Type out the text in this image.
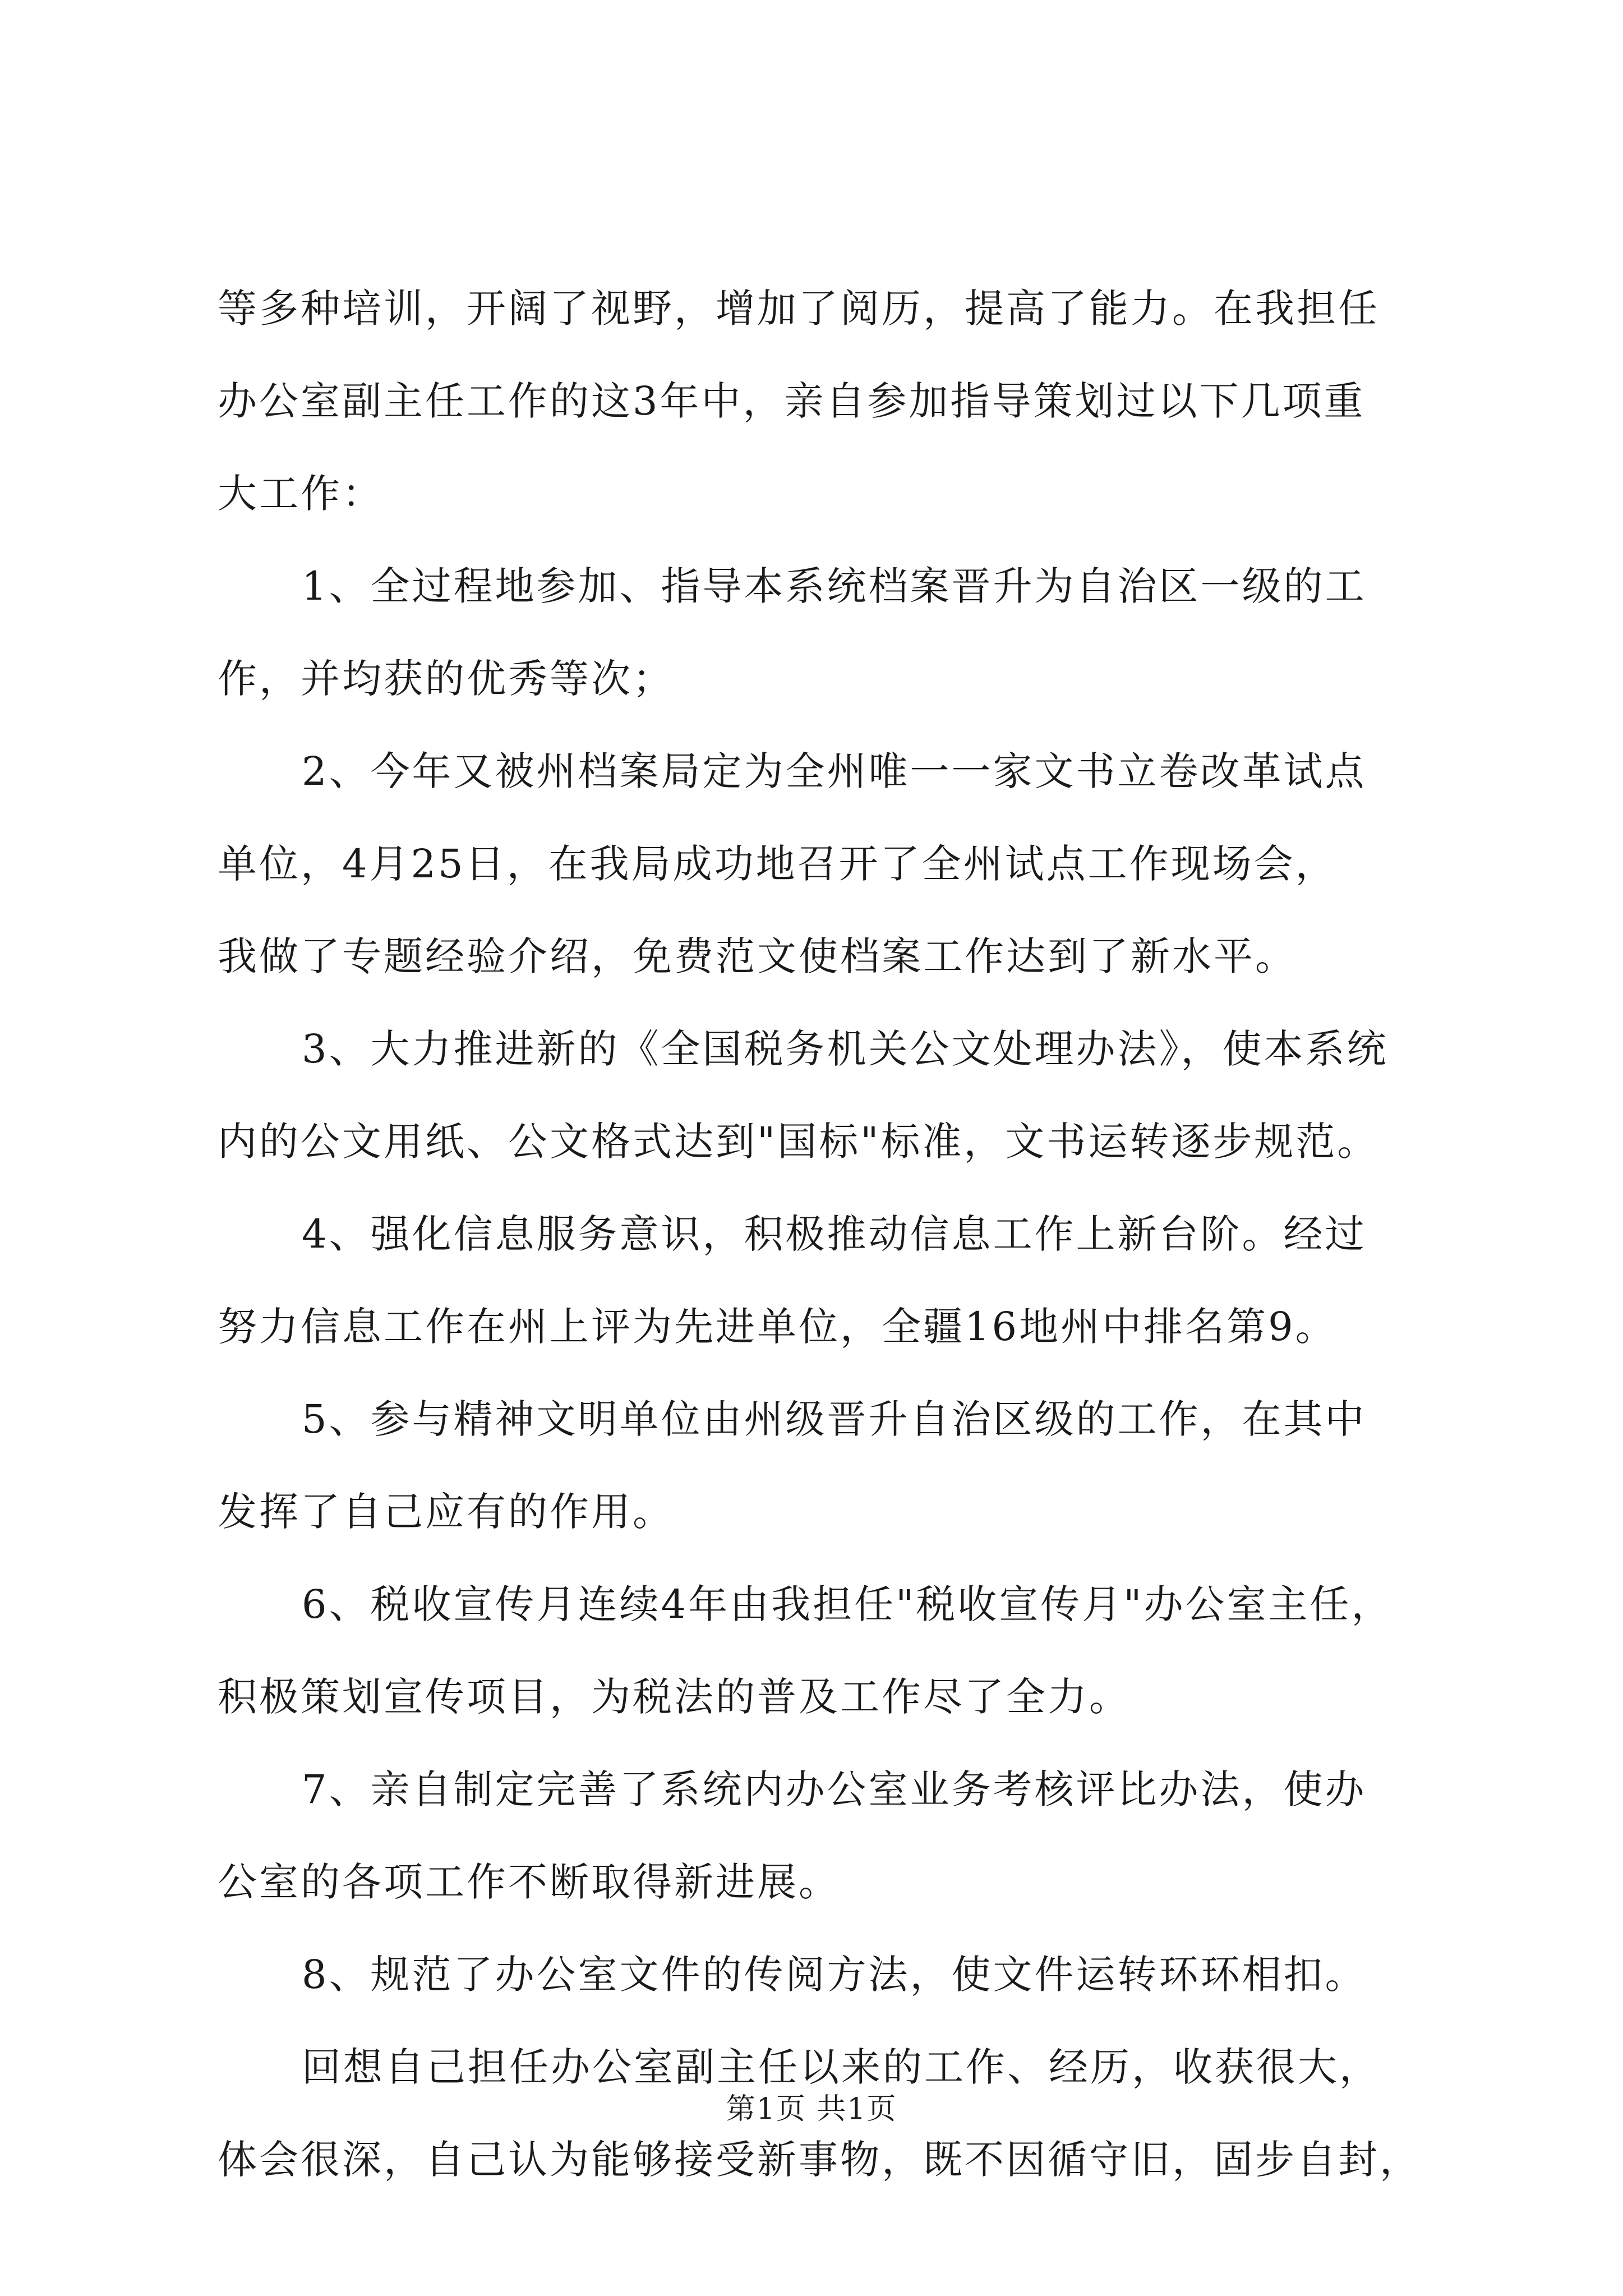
等多种培训，开阔了视野，增加了阅历，提高了能力。在我担任
办公室副主任工作的这3年中，亲自参加指导策划过以下几项重
大工作：
1、全过程地参加、指导本系统档案晋升为自治区一级的工
作，并均获的优秀等次；
2、今年又被州档案局定为全州唯一一家文书立卷改革试点
单位，4月25日，在我局成功地召开了全州试点工作现场会，
我做了专题经验介绍，免费范文使档案工作达到了新水平。
3、大力推进新的《全国税务机关公文处理办法》，使本系统
内的公文用纸、公文格式达到"国标"标准，文书运转逐步规范。
4、强化信息服务意识，积极推动信息工作上新台阶。经过
努力信息工作在州上评为先进单位，全疆16地州中排名第9。
5、参与精神文明单位由州级晋升自治区级的工作，在其中
发挥了自己应有的作用。
6、税收宣传月连续4年由我担任"税收宣传月"办公室主任，
积极策划宣传项目，为税法的普及工作尽了全力。
7、亲自制定完善了系统内办公室业务考核评比办法，使办
公室的各项工作不断取得新进展。
8、规范了办公室文件的传阅方法，使文件运转环环相扣。
回想自己担任办公室副主任以来的工作、经历，收获很大，
体会很深，自己认为能够接受新事物，既不因循守旧，固步自封，
第1页 共1页
